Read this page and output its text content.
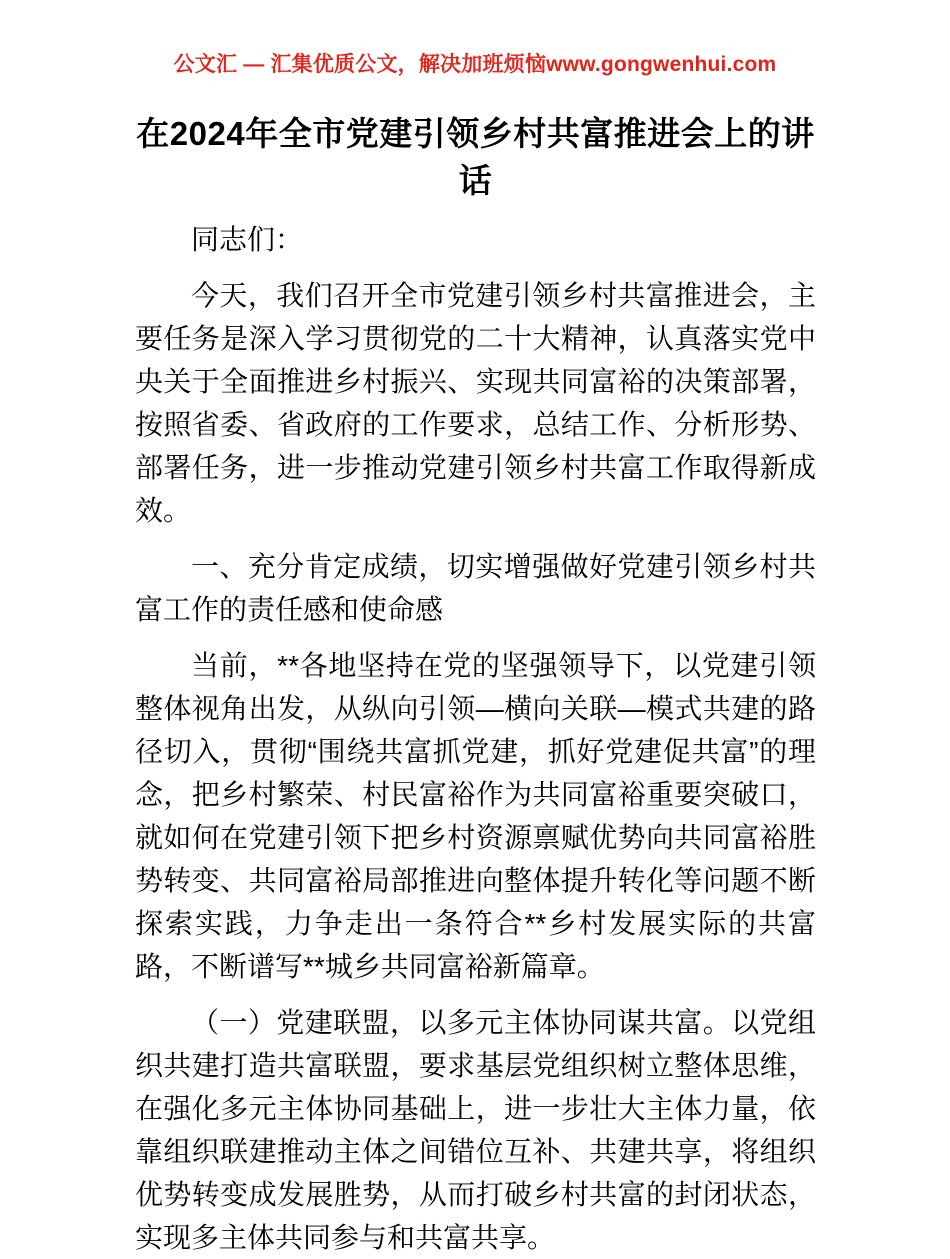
公文汇 — 汇集优质公文，解决加班烦恼www.gongwenhui.com
在2024年全市党建引领乡村共富推进会上的讲话

同志们：

今天，我们召开全市党建引领乡村共富推进会，主要任务是深入学习贯彻党的二十大精神，认真落实党中央关于全面推进乡村振兴、实现共同富裕的决策部署，按照省委、省政府的工作要求，总结工作、分析形势、部署任务，进一步推动党建引领乡村共富工作取得新成效。

一、充分肯定成绩，切实增强做好党建引领乡村共富工作的责任感和使命感

当前，**各地坚持在党的坚强领导下，以党建引领整体视角出发，从纵向引领—横向关联—模式共建的路径切入，贯彻“围绕共富抓党建，抓好党建促共富”的理念，把乡村繁荣、村民富裕作为共同富裕重要突破口，就如何在党建引领下把乡村资源禀赋优势向共同富裕胜势转变、共同富裕局部推进向整体提升转化等问题不断探索实践，力争走出一条符合**乡村发展实际的共富路，不断谱写**城乡共同富裕新篇章。

（一）党建联盟，以多元主体协同谋共富。以党组织共建打造共富联盟，要求基层党组织树立整体思维，在强化多元主体协同基础上，进一步壮大主体力量，依靠组织联建推动主体之间错位互补、共建共享，将组织优势转变成发展胜势，从而打破乡村共富的封闭状态，实现多主体共同参与和共富共享。
